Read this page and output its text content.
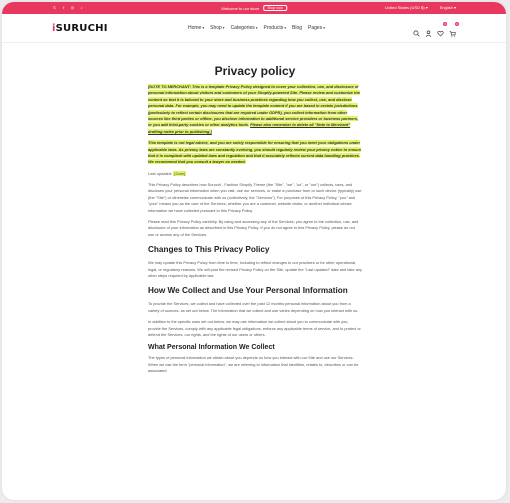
𝕏	f	◎	♪	Welcome to our store	Shop now	United States (USD $) ▾	English ▾
iSURUCHI	Home▾ Shop▾ Categories▾ Products▾ Blog Pages▾
0	0
Privacy policy

[NOTE TO MERCHANT: This is a template Privacy Policy designed to cover your collection, use, and disclosure of personal information about visitors and customers of your Shopify-powered Site. Please review and customize the content so that it is tailored to your store and business practices regarding how you collect, use, and disclose personal data. For example, you may need to update the template content if you are based in certain jurisdictions (particularly to reflect certain disclosures that are required under GDPR), you collect information from other sources like third parties or offline, you disclose information to additional service providers or business partners, or you add third-party cookies or other analytics tools. Please also remember to delete all "Note to Merchant" drafting notes prior to publishing.]

This template is not legal advice, and you are solely responsible for ensuring that you meet your obligations under applicable laws. As privacy laws are constantly evolving, you should regularly review your privacy notice to ensure that it is compliant with updated laws and regulation and that it accurately reflects current data handling practices. We recommend that you consult a lawyer as needed.

Last updated: [Date]

This Privacy Policy describes how Suruchi - Fashion Shopify Theme (the "Site", "we", "us", or "our") collects, uses, and discloses your personal information when you visit, use our services, or make a purchase from or such device (typically) use (the "Site") or otherwise communicate with us (collectively, the "Services"). For purposes of this Privacy Policy, "you" and "your" means you as the user of the Services, whether you are a customer, website visitor, or another individual whose information we have collected pursuant to this Privacy Policy.

Please read this Privacy Policy carefully. By using and accessing any of the Services, you agree to the collection, use, and disclosure of your information as described in this Privacy Policy. If you do not agree to this Privacy Policy, please do not use or access any of the Services.

Changes to This Privacy Policy

We may update this Privacy Policy from time to time, including to reflect changes to our practices or for other operational, legal, or regulatory reasons. We will post the revised Privacy Policy on the Site, update the "Last updated" date and take any other steps required by applicable law.

How We Collect and Use Your Personal Information

To provide the Services, we collect and have collected over the past 12 months personal information about you from a variety of sources, as set out below. The information that we collect and use varies depending on how you interact with us.

In addition to the specific uses set out below, we may use information we collect about you to communicate with you, provide the Services, comply with any applicable legal obligations, enforce any applicable terms of service, and to protect or defend the Services, our rights, and the rights of our users or others.

What Personal Information We Collect

The types of personal information we obtain about you depends on how you interact with our Site and use our Services. When we use the term "personal information", we are referring to information that identifies, relates to, describes or can be associated
